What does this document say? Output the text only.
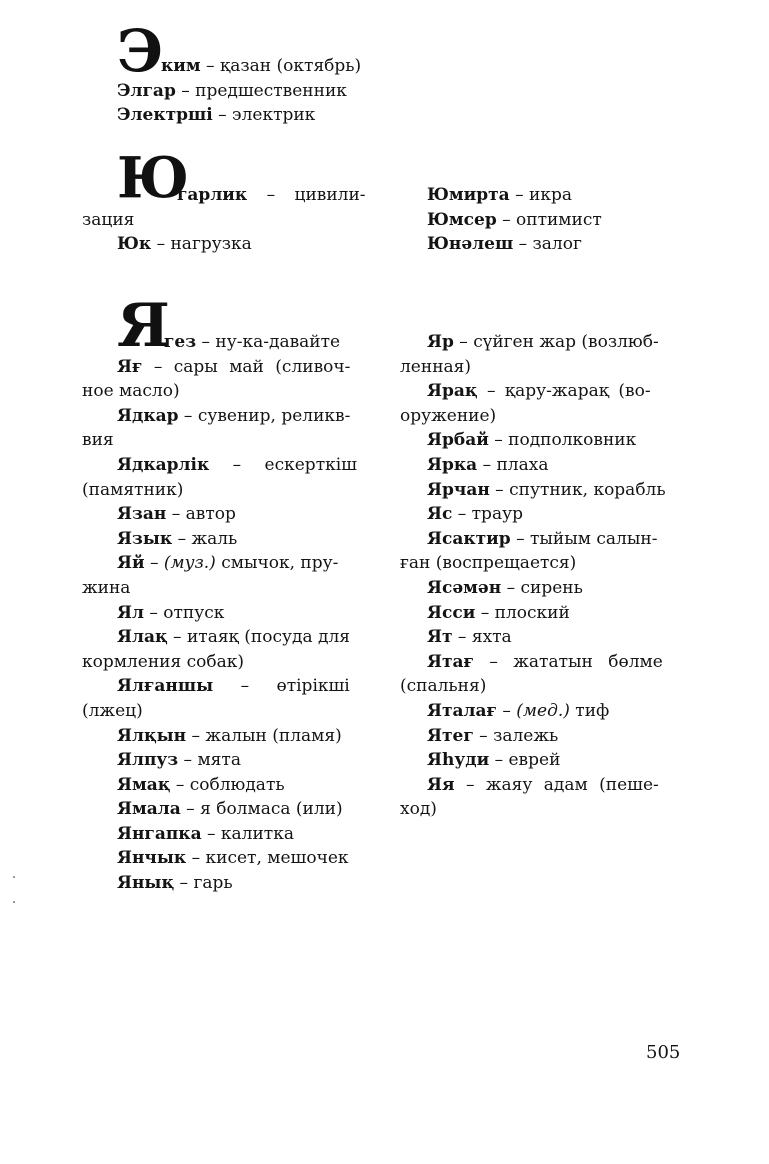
Э
ким – қазан (октябрь)
Элгар – предшественник
Электрші – электрик
Ю
гарлик – цивили-
зация
Юк – нагрузка
Юмирта – икра
Юмсер – оптимист
Юнәлеш – залог
Я
гез – ну-ка-давайте
Яғ – сары май (сливоч-
ное масло)
Ядкар – сувенир, реликв-
вия
Ядкарлік – ескерткіш
(памятник)
Язан – автор
Язык – жаль
Яй – (муз.) смычок, пру-
жина
Ял – отпуск
Ялақ – итаяқ (посуда для
кормления собак)
Ялғаншы – өтірікші
(лжец)
Ялқын – жалын (пламя)
Ялпуз – мята
Ямақ – соблюдать
Ямала – я болмаса (или)
Янгапка – калитка
Янчык – кисет, мешочек
Янық – гарь
Яр – сүйген жар (возлюб-
ленная)
Ярақ – қару-жарақ (во-
оружение)
Ярбай – подполковник
Ярка – плаха
Ярчан – спутник, корабль
Яс – траур
Ясактир – тыйым салын-
ған (воспрещается)
Ясәмән – сирень
Ясси – плоский
Ят – яхта
Ятағ – жататын бөлме
(спальня)
Яталағ – (мед.) тиф
Ятег – залежь
Яһуди – еврей
Яя – жаяу адам (пеше-
ход)
505
